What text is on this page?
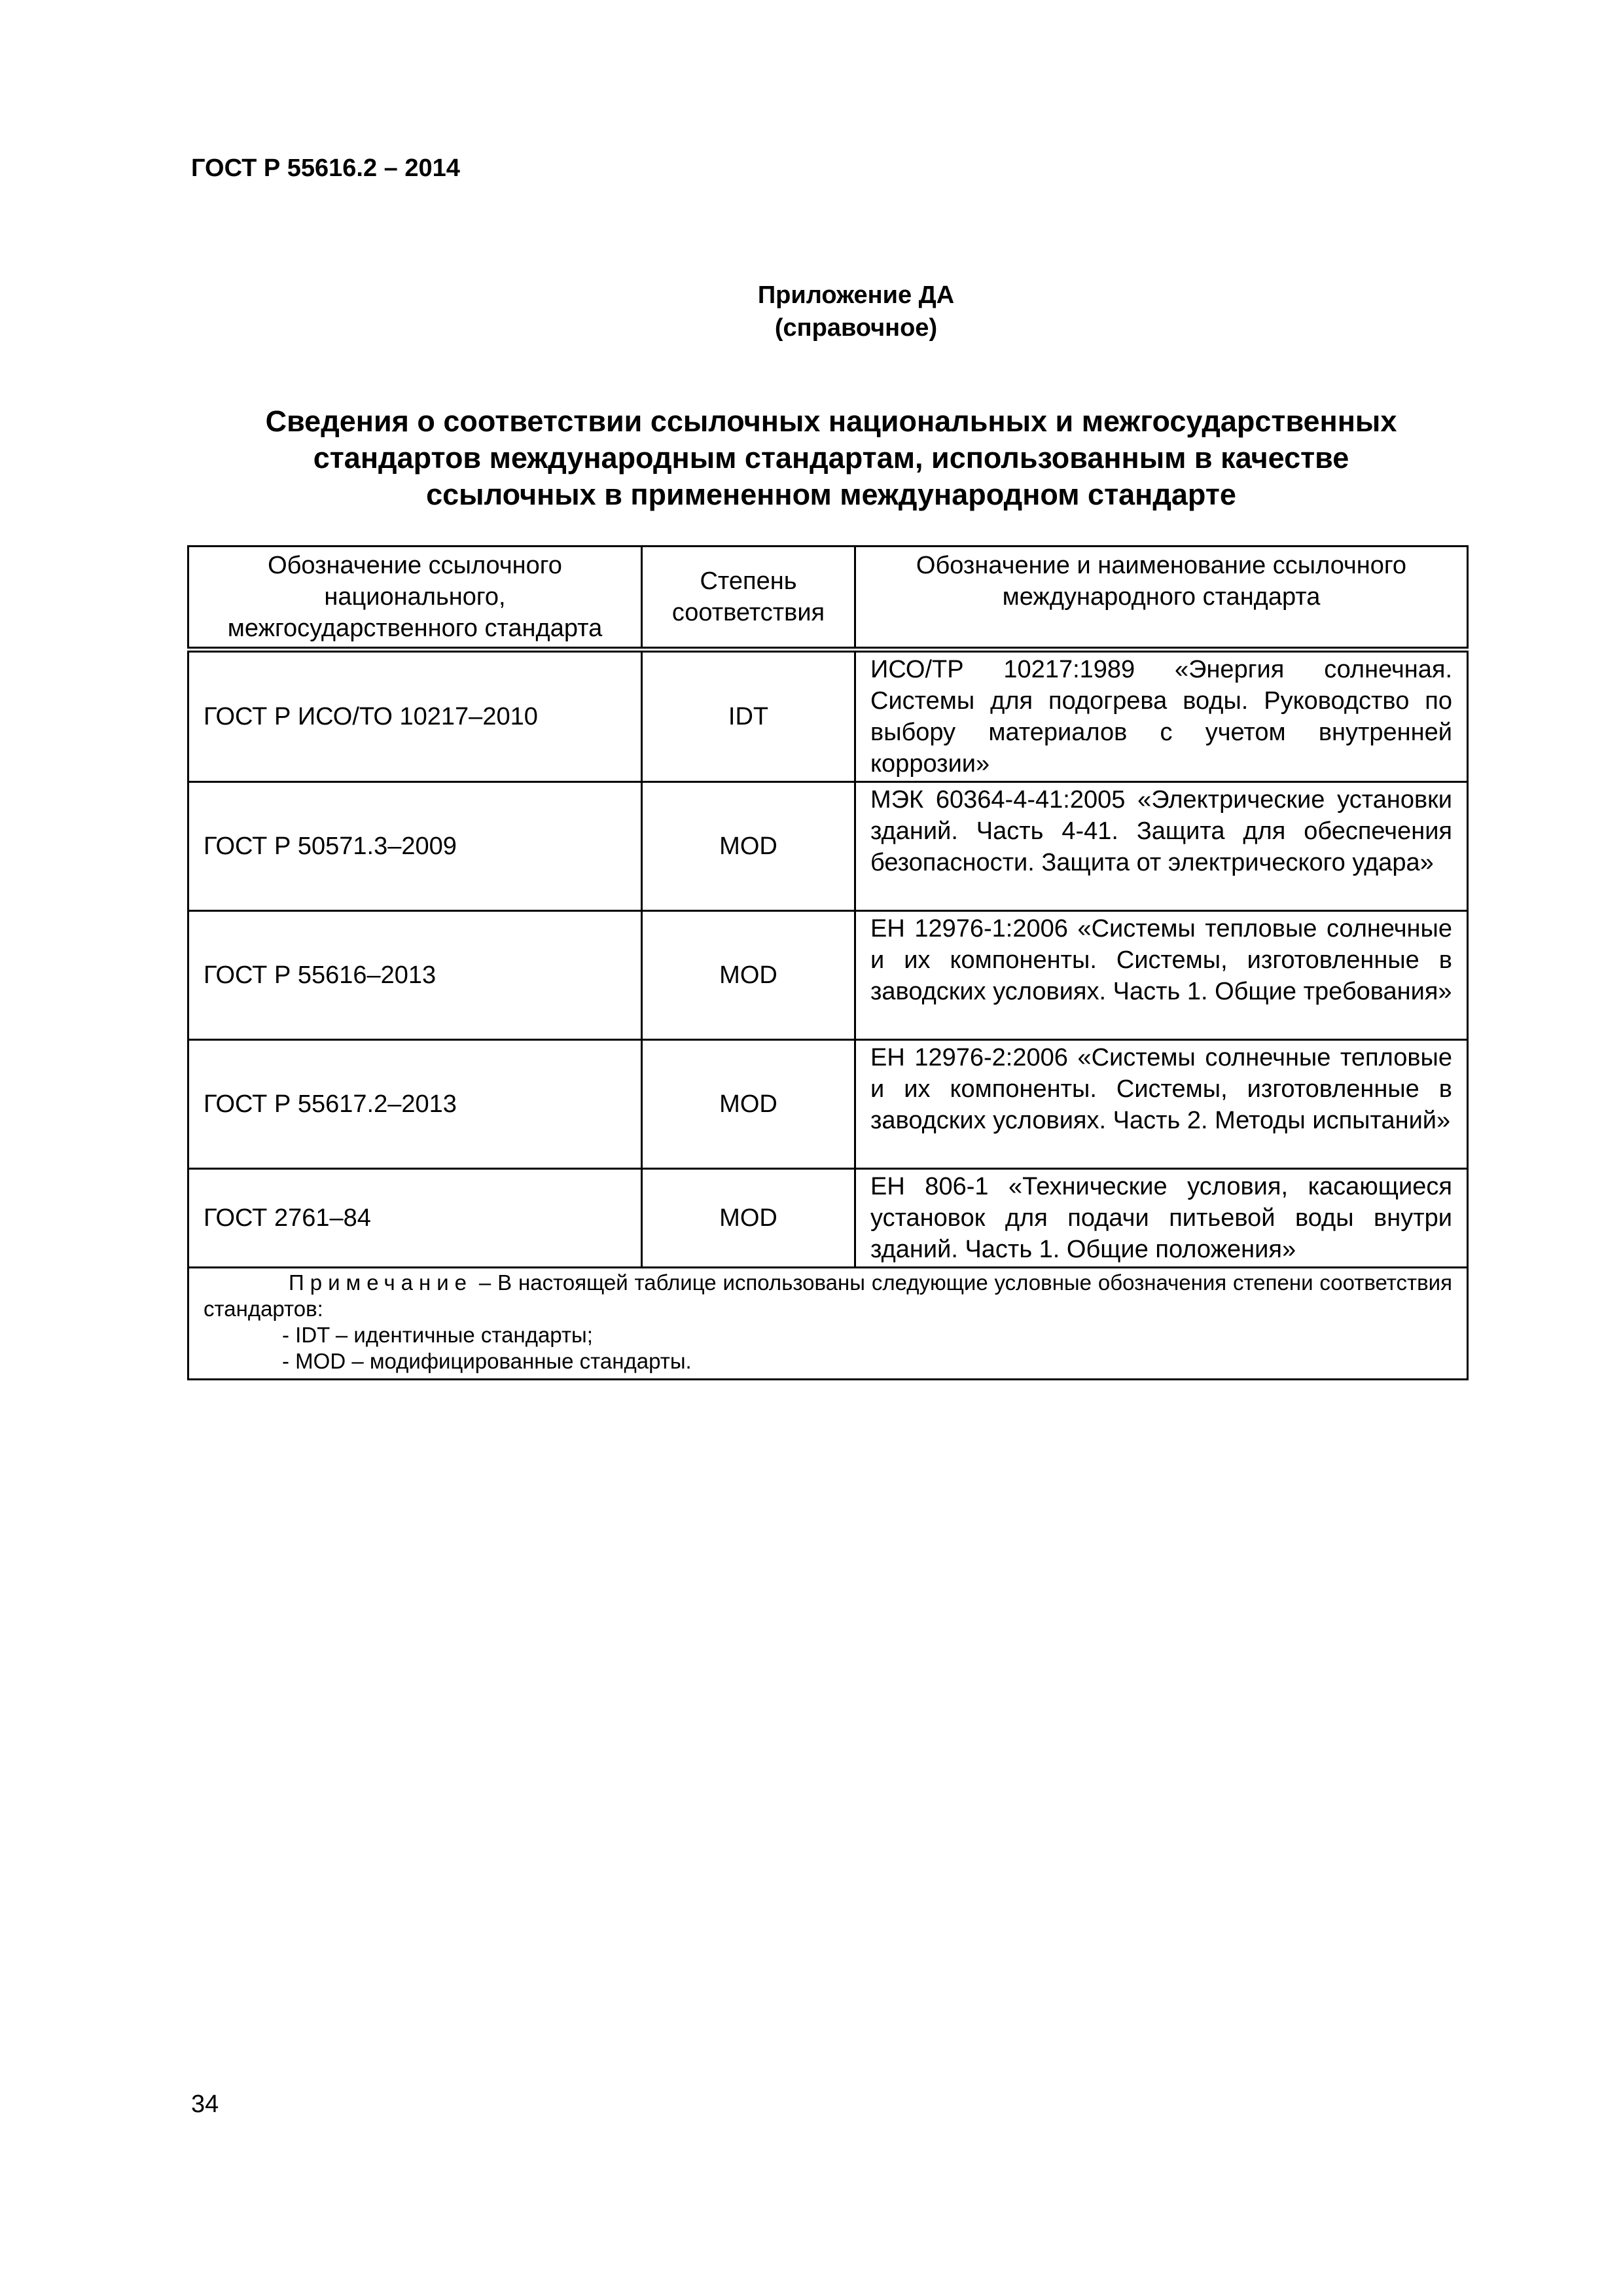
ГОСТ Р 55616.2 – 2014
Приложение ДА
(справочное)
Сведения о соответствии ссылочных национальных и межгосударственных
стандартов международным стандартам, использованным в качестве
ссылочных в примененном международном стандарте
Обозначение ссылочного национального, межгосударственного стандарта	Степень соответствия	Обозначение и наименование ссылочного международного стандарта
ГОСТ Р ИСО/ТО 10217–2010	IDT	ИСО/ТР 10217:1989 «Энергия солнечная. Системы для подогрева воды. Руководство по выбору материалов с учетом внутренней коррозии»
ГОСТ Р 50571.3–2009	MOD	МЭК 60364-4-41:2005 «Электрические установки зданий. Часть 4-41. Защита для обеспечения безопасности. Защита от электрического удара»
ГОСТ Р 55616–2013	MOD	ЕН 12976-1:2006 «Системы тепловые солнечные и их компоненты. Системы, изготовленные в заводских условиях. Часть 1. Общие требования»
ГОСТ Р 55617.2–2013	MOD	ЕН 12976-2:2006 «Системы солнечные тепловые и их компоненты. Системы, изготовленные в заводских условиях. Часть 2. Методы испытаний»
ГОСТ 2761–84	MOD	ЕН 806-1 «Технические условия, касающиеся установок для подачи питьевой воды внутри зданий. Часть 1. Общие положения»

Примечание – В настоящей таблице использованы следующие условные обозначения степени соответствия стандартов:
- IDT – идентичные стандарты;
- MOD – модифицированные стандарты.		
34
